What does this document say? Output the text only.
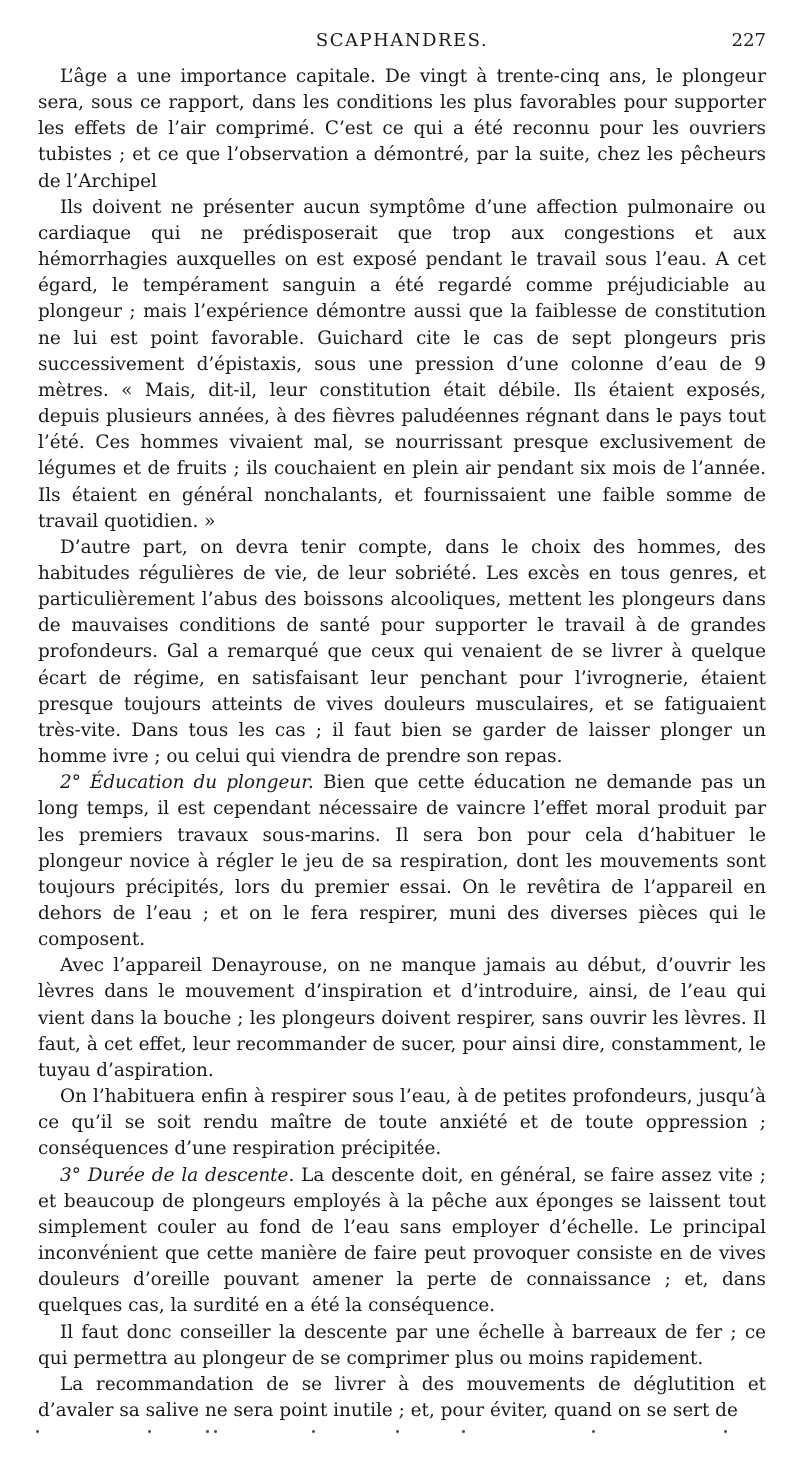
SCAPHANDRES.	227

L’âge a une importance capitale. De vingt à trente-cinq ans, le plongeur sera, sous ce rapport, dans les conditions les plus favorables pour supporter les effets de l’air comprimé. C’est ce qui a été reconnu pour les ouvriers tubistes ; et ce que l’observation a démontré, par la suite, chez les pêcheurs de l’Archipel

Ils doivent ne présenter aucun symptôme d’une affection pulmonaire ou cardiaque qui ne prédisposerait que trop aux congestions et aux hémorrhagies auxquelles on est exposé pendant le travail sous l’eau. A cet égard, le tempérament sanguin a été regardé comme préjudiciable au plongeur ; mais l’expérience démontre aussi que la faiblesse de constitution ne lui est point favorable. Guichard cite le cas de sept plongeurs pris successivement d’épistaxis, sous une pression d’une colonne d’eau de 9 mètres. « Mais, dit-il, leur constitution était débile. Ils étaient exposés, depuis plusieurs années, à des fièvres paludéennes régnant dans le pays tout l’été. Ces hommes vivaient mal, se nourrissant presque exclusivement de légumes et de fruits ; ils couchaient en plein air pendant six mois de l’année. Ils étaient en général nonchalants, et fournissaient une faible somme de travail quotidien. »

D’autre part, on devra tenir compte, dans le choix des hommes, des habitudes régulières de vie, de leur sobriété. Les excès en tous genres, et particulièrement l’abus des boissons alcooliques, mettent les plongeurs dans de mauvaises conditions de santé pour supporter le travail à de grandes profondeurs. Gal a remarqué que ceux qui venaient de se livrer à quelque écart de régime, en satisfaisant leur penchant pour l’ivrognerie, étaient presque toujours atteints de vives douleurs musculaires, et se fatiguaient très-vite. Dans tous les cas ; il faut bien se garder de laisser plonger un homme ivre ; ou celui qui viendra de prendre son repas.

2° Éducation du plongeur. Bien que cette éducation ne demande pas un long temps, il est cependant nécessaire de vaincre l’effet moral produit par les premiers travaux sous-marins. Il sera bon pour cela d’habituer le plongeur novice à régler le jeu de sa respiration, dont les mouvements sont toujours précipités, lors du premier essai. On le revêtira de l’appareil en dehors de l’eau ; et on le fera respirer, muni des diverses pièces qui le composent.

Avec l’appareil Denayrouse, on ne manque jamais au début, d’ouvrir les lèvres dans le mouvement d’inspiration et d’introduire, ainsi, de l’eau qui vient dans la bouche ; les plongeurs doivent respirer, sans ouvrir les lèvres. Il faut, à cet effet, leur recommander de sucer, pour ainsi dire, constamment, le tuyau d’aspiration.

On l’habituera enfin à respirer sous l’eau, à de petites profondeurs, jusqu’à ce qu’il se soit rendu maître de toute anxiété et de toute oppression ; conséquences d’une respiration précipitée.

3° Durée de la descente. La descente doit, en général, se faire assez vite ; et beaucoup de plongeurs employés à la pêche aux éponges se laissent tout simplement couler au fond de l’eau sans employer d’échelle. Le principal inconvénient que cette manière de faire peut provoquer consiste en de vives douleurs d’oreille pouvant amener la perte de connaissance ; et, dans quelques cas, la surdité en a été la conséquence.

Il faut donc conseiller la descente par une échelle à barreaux de fer ; ce qui permettra au plongeur de se comprimer plus ou moins rapidement.

La recommandation de se livrer à des mouvements de déglutition et d’avaler sa salive ne sera point inutile ; et, pour éviter, quand on se sert de
